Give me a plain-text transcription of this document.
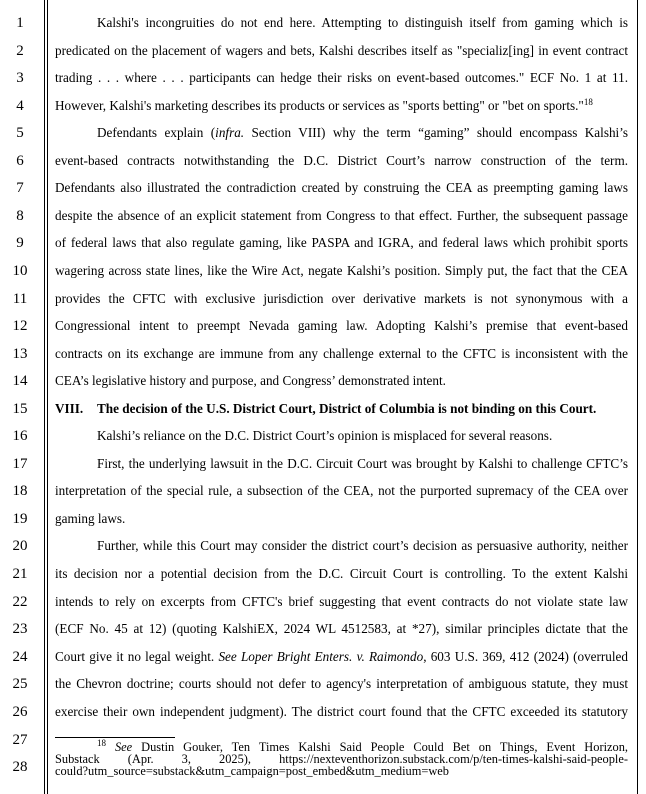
1
2
3
4
5
6
7
8
9
10
11
12
13
14
15
16
17
18
19
20
21
22
23
24
25
26
27
28
Kalshi's incongruities do not end here. Attempting to distinguish itself from gaming which is
predicated on the placement of wagers and bets, Kalshi describes itself as "specializ[ing] in event contract
trading . . . where . . . participants can hedge their risks on event-based outcomes." ECF No. 1 at 11.
However, Kalshi's marketing describes its products or services as "sports betting" or "bet on sports."$^{18}$
Defendants explain (infra. Section VIII) why the term “gaming” should encompass Kalshi’s
event-based contracts notwithstanding the D.C. District Court’s narrow construction of the term.
Defendants also illustrated the contradiction created by construing the CEA as preempting gaming laws
despite the absence of an explicit statement from Congress to that effect. Further, the subsequent passage
of federal laws that also regulate gaming, like PASPA and IGRA, and federal laws which prohibit sports
wagering across state lines, like the Wire Act, negate Kalshi’s position. Simply put, the fact that the CEA
provides the CFTC with exclusive jurisdiction over derivative markets is not synonymous with a
Congressional intent to preempt Nevada gaming law. Adopting Kalshi’s premise that event-based
contracts on its exchange are immune from any challenge external to the CFTC is inconsistent with the
CEA’s legislative history and purpose, and Congress’ demonstrated intent.
VIII. The decision of the U.S. District Court, District of Columbia is not binding on this Court.
Kalshi’s reliance on the D.C. District Court’s opinion is misplaced for several reasons.
First, the underlying lawsuit in the D.C. Circuit Court was brought by Kalshi to challenge CFTC’s
interpretation of the special rule, a subsection of the CEA, not the purported supremacy of the CEA over
gaming laws.
Further, while this Court may consider the district court’s decision as persuasive authority, neither
its decision nor a potential decision from the D.C. Circuit Court is controlling. To the extent Kalshi
intends to rely on excerpts from CFTC's brief suggesting that event contracts do not violate state law
(ECF No. 45 at 12) (quoting KalshiEX, 2024 WL 4512583, at *27), similar principles dictate that the
Court give it no legal weight. See Loper Bright Enters. v. Raimondo, 603 U.S. 369, 412 (2024) (overruled
the Chevron doctrine; courts should not defer to agency's interpretation of ambiguous statute, they must
exercise their own independent judgment). The district court found that the CFTC exceeded its statutory
$^{18}$ See Dustin Gouker, Ten Times Kalshi Said People Could Bet on Things, Event Horizon,
Substack (Apr. 3, 2025), https://nexteventhorizon.substack.com/p/ten-times-kalshi-said-people-
could?utm_source=substack&utm_campaign=post_embed&utm_medium=web
